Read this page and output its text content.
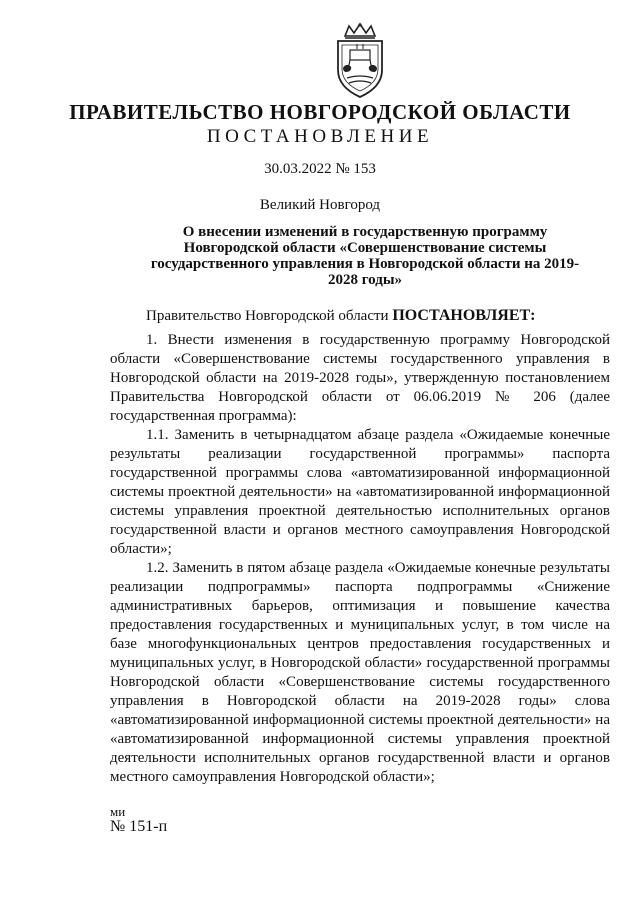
ПРАВИТЕЛЬСТВО НОВГОРОДСКОЙ ОБЛАСТИ
ПОСТАНОВЛЕНИЕ
30.03.2022 № 153
Великий Новгород
О внесении изменений в государственную программу Новгородской области «Совершенствование системы государственного управления в Новгородской области на 2019-2028 годы»

Правительство Новгородской области ПОСТАНОВЛЯЕТ:

1. Внести изменения в государственную программу Новгородской области «Совершенствование системы государственного управления в Новгородской области на 2019-2028 годы», утвержденную постановлением Правительства Новгородской области от 06.06.2019 № 206 (далее государственная программа):

1.1. Заменить в четырнадцатом абзаце раздела «Ожидаемые конечные результаты реализации государственной программы» паспорта государственной программы слова «автоматизированной информационной системы проектной деятельности» на «автоматизированной информационной системы управления проектной деятельностью исполнительных органов государственной власти и органов местного самоуправления Новгородской области»;

1.2. Заменить в пятом абзаце раздела «Ожидаемые конечные результаты реализации подпрограммы» паспорта подпрограммы «Снижение административных барьеров, оптимизация и повышение качества предоставления государственных и муниципальных услуг, в том числе на базе многофункциональных центров предоставления государственных и муниципальных услуг, в Новгородской области» государственной программы Новгородской области «Совершенствование системы государственного управления в Новгородской области на 2019-2028 годы» слова «автоматизированной информационной системы проектной деятельности» на «автоматизированной информационной системы управления проектной деятельности исполнительных органов государственной власти и органов местного самоуправления Новгородской области»;

ми
№ 151-п
